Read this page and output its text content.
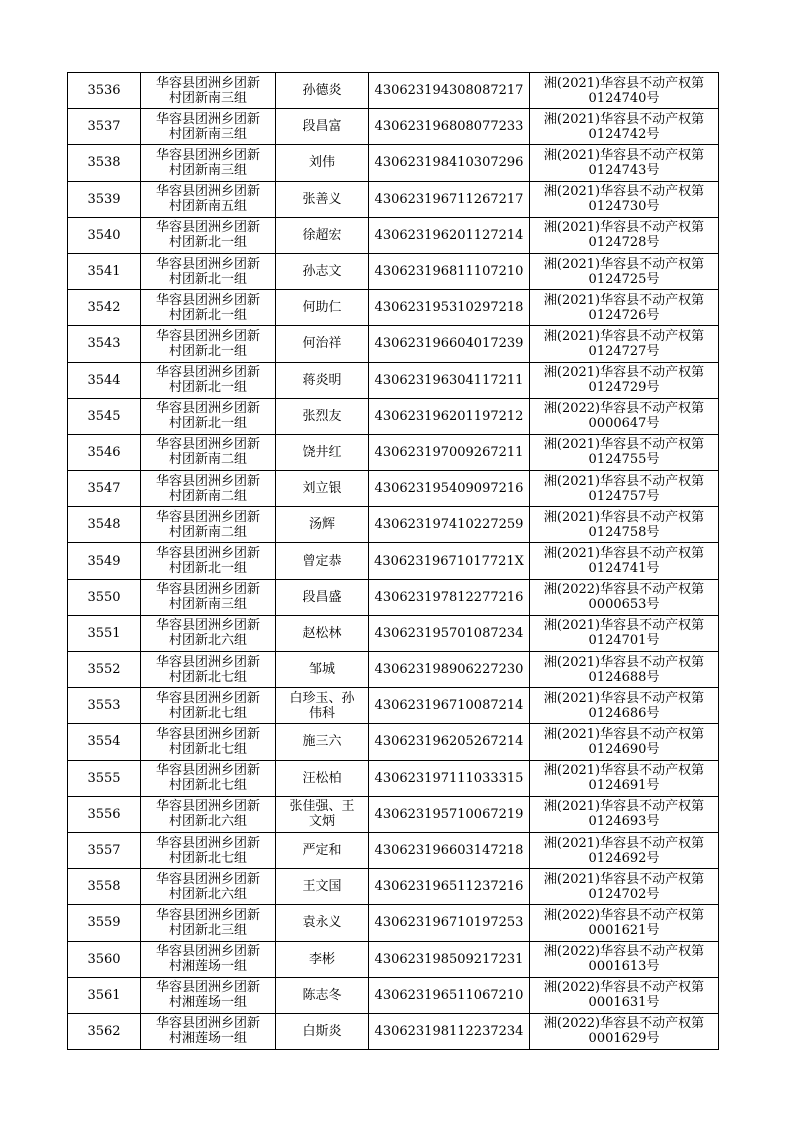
3536	华容县团洲乡团新
村团新南三组	孙德炎	430623194308087217	湘(2021)华容县不动产权第
0124740号

3537	华容县团洲乡团新
村团新南三组	段昌富	430623196808077233	湘(2021)华容县不动产权第
0124742号

3538	华容县团洲乡团新
村团新南三组	刘伟	430623198410307296	湘(2021)华容县不动产权第
0124743号

3539	华容县团洲乡团新
村团新南五组	张善义	430623196711267217	湘(2021)华容县不动产权第
0124730号

3540	华容县团洲乡团新
村团新北一组	徐超宏	430623196201127214	湘(2021)华容县不动产权第
0124728号

3541	华容县团洲乡团新
村团新北一组	孙志文	430623196811107210	湘(2021)华容县不动产权第
0124725号

3542	华容县团洲乡团新
村团新北一组	何助仁	430623195310297218	湘(2021)华容县不动产权第
0124726号

3543	华容县团洲乡团新
村团新北一组	何治祥	430623196604017239	湘(2021)华容县不动产权第
0124727号

3544	华容县团洲乡团新
村团新北一组	蒋炎明	430623196304117211	湘(2021)华容县不动产权第
0124729号

3545	华容县团洲乡团新
村团新北一组	张烈友	430623196201197212	湘(2022)华容县不动产权第
0000647号

3546	华容县团洲乡团新
村团新南二组	饶井红	430623197009267211	湘(2021)华容县不动产权第
0124755号

3547	华容县团洲乡团新
村团新南二组	刘立银	430623195409097216	湘(2021)华容县不动产权第
0124757号

3548	华容县团洲乡团新
村团新南二组	汤辉	430623197410227259	湘(2021)华容县不动产权第
0124758号

3549	华容县团洲乡团新
村团新北一组	曾定恭	43062319671017721X	湘(2021)华容县不动产权第
0124741号

3550	华容县团洲乡团新
村团新南三组	段昌盛	430623197812277216	湘(2022)华容县不动产权第
0000653号

3551	华容县团洲乡团新
村团新北六组	赵松林	430623195701087234	湘(2021)华容县不动产权第
0124701号

3552	华容县团洲乡团新
村团新北七组	邹城	430623198906227230	湘(2021)华容县不动产权第
0124688号

3553	华容县团洲乡团新
村团新北七组	白珍玉、孙
伟科	430623196710087214	湘(2021)华容县不动产权第
0124686号

3554	华容县团洲乡团新
村团新北七组	施三六	430623196205267214	湘(2021)华容县不动产权第
0124690号

3555	华容县团洲乡团新
村团新北七组	汪松柏	430623197111033315	湘(2021)华容县不动产权第
0124691号

3556	华容县团洲乡团新
村团新北六组	张佳强、王
文炳	430623195710067219	湘(2021)华容县不动产权第
0124693号

3557	华容县团洲乡团新
村团新北七组	严定和	430623196603147218	湘(2021)华容县不动产权第
0124692号

3558	华容县团洲乡团新
村团新北六组	王文国	430623196511237216	湘(2021)华容县不动产权第
0124702号

3559	华容县团洲乡团新
村团新北三组	袁永义	430623196710197253	湘(2022)华容县不动产权第
0001621号

3560	华容县团洲乡团新
村湘莲场一组	李彬	430623198509217231	湘(2022)华容县不动产权第
0001613号

3561	华容县团洲乡团新
村湘莲场一组	陈志冬	430623196511067210	湘(2022)华容县不动产权第
0001631号

3562	华容县团洲乡团新
村湘莲场一组	白斯炎	430623198112237234	湘(2022)华容县不动产权第
0001629号
